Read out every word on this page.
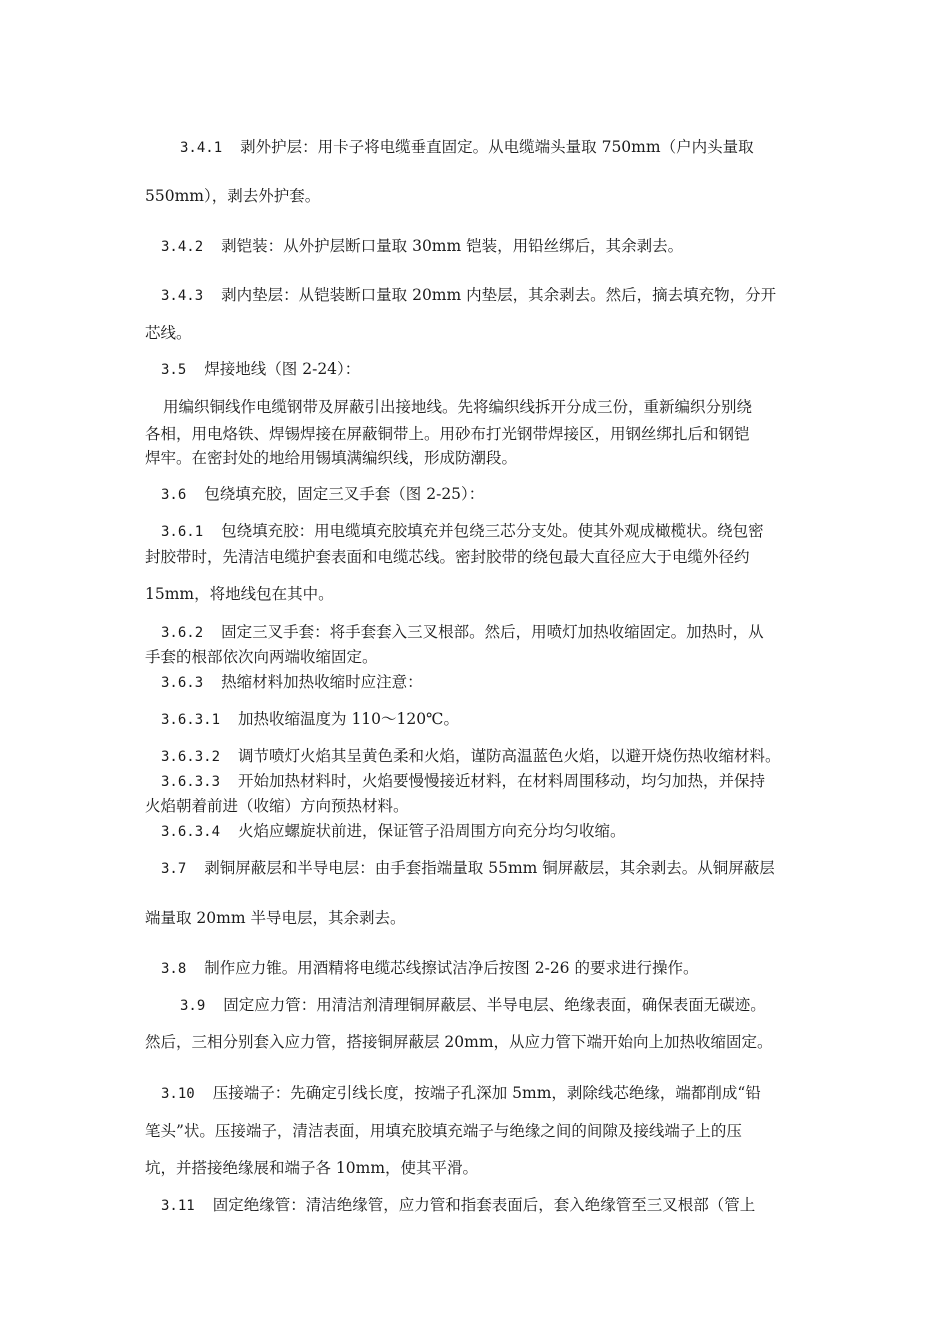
3.4.1 剥外护层：用卡子将电缆垂直固定。从电缆端头量取 750mm（户内头量取
550mm），剥去外护套。
3.4.2 剥铠装：从外护层断口量取 30mm 铠装，用铅丝绑后，其余剥去。
3.4.3 剥内垫层：从铠装断口量取 20mm 内垫层，其余剥去。然后，摘去填充物，分开
芯线。
3.5 焊接地线（图 2-24）：
用编织铜线作电缆钢带及屏蔽引出接地线。先将编织线拆开分成三份，重新编织分别绕
各相，用电烙铁、焊锡焊接在屏蔽铜带上。用砂布打光钢带焊接区，用钢丝绑扎后和钢铠
焊牢。在密封处的地给用锡填满编织线，形成防潮段。
3.6 包绕填充胶，固定三叉手套（图 2-25）：
3.6.1 包绕填充胶：用电缆填充胶填充并包绕三芯分支处。使其外观成橄榄状。绕包密
封胶带时，先清洁电缆护套表面和电缆芯线。密封胶带的绕包最大直径应大于电缆外径约
15mm，将地线包在其中。
3.6.2 固定三叉手套：将手套套入三叉根部。然后，用喷灯加热收缩固定。加热时，从
手套的根部依次向两端收缩固定。
3.6.3 热缩材料加热收缩时应注意：
3.6.3.1 加热收缩温度为 110～120℃。
3.6.3.2 调节喷灯火焰其呈黄色柔和火焰，谨防高温蓝色火焰，以避开烧伤热收缩材料。
3.6.3.3 开始加热材料时，火焰要慢慢接近材料，在材料周围移动，均匀加热，并保持
火焰朝着前进（收缩）方向预热材料。
3.6.3.4 火焰应螺旋状前进，保证管子沿周围方向充分均匀收缩。
3.7 剥铜屏蔽层和半导电层：由手套指端量取 55mm 铜屏蔽层，其余剥去。从铜屏蔽层
端量取 20mm 半导电层，其余剥去。
3.8 制作应力锥。用酒精将电缆芯线擦试洁净后按图 2-26 的要求进行操作。
3.9 固定应力管：用清洁剂清理铜屏蔽层、半导电层、绝缘表面，确保表面无碳迹。
然后，三相分别套入应力管，搭接铜屏蔽层 20mm，从应力管下端开始向上加热收缩固定。
3.10 压接端子：先确定引线长度，按端子孔深加 5mm，剥除线芯绝缘，端都削成“铅
笔头”状。压接端子，清洁表面，用填充胶填充端子与绝缘之间的间隙及接线端子上的压
坑，并搭接绝缘展和端子各 10mm，使其平滑。
3.11 固定绝缘管：清洁绝缘管，应力管和指套表面后，套入绝缘管至三叉根部（管上
